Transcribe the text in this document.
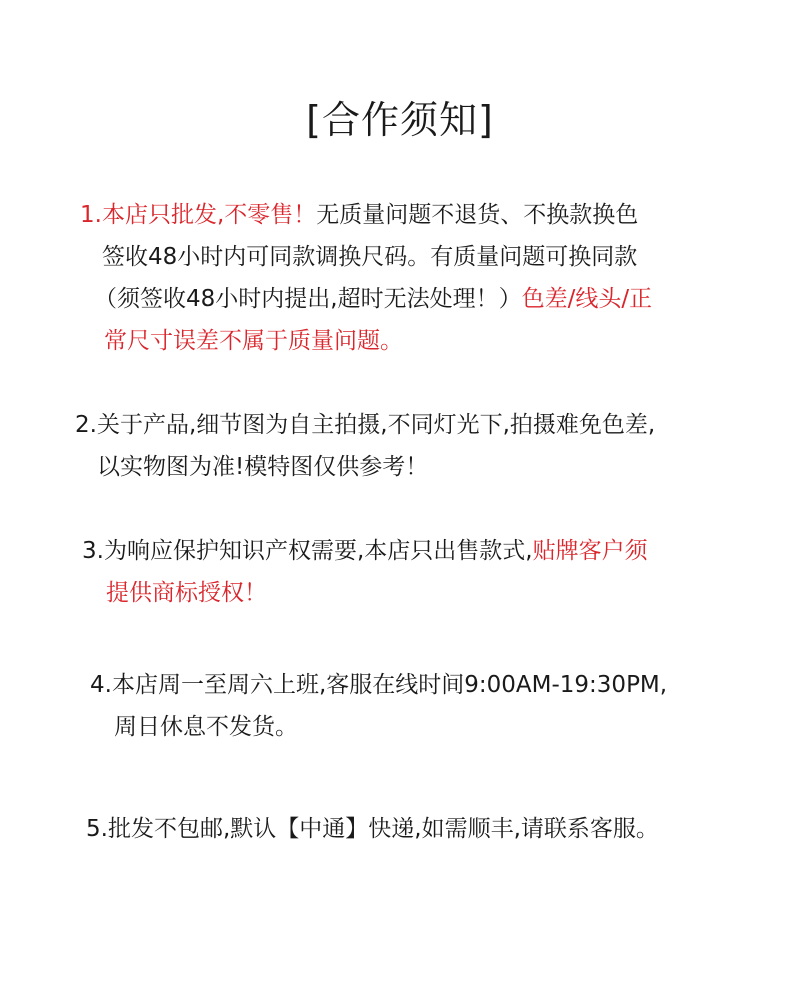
[合作须知]
1.本店只批发,不零售！无质量问题不退货、不换款换色
签收48小时内可同款调换尺码。有质量问题可换同款
（须签收48小时内提出,超时无法处理！）色差/线头/正
常尺寸误差不属于质量问题。
2.关于产品,细节图为自主拍摄,不同灯光下,拍摄难免色差,
以实物图为准!模特图仅供参考！
3.为响应保护知识产权需要,本店只出售款式,贴牌客户须
提供商标授权！
4.本店周一至周六上班,客服在线时间9:00AM-19:30PM,
周日休息不发货。
5.批发不包邮,默认【中通】快递,如需顺丰,请联系客服。
